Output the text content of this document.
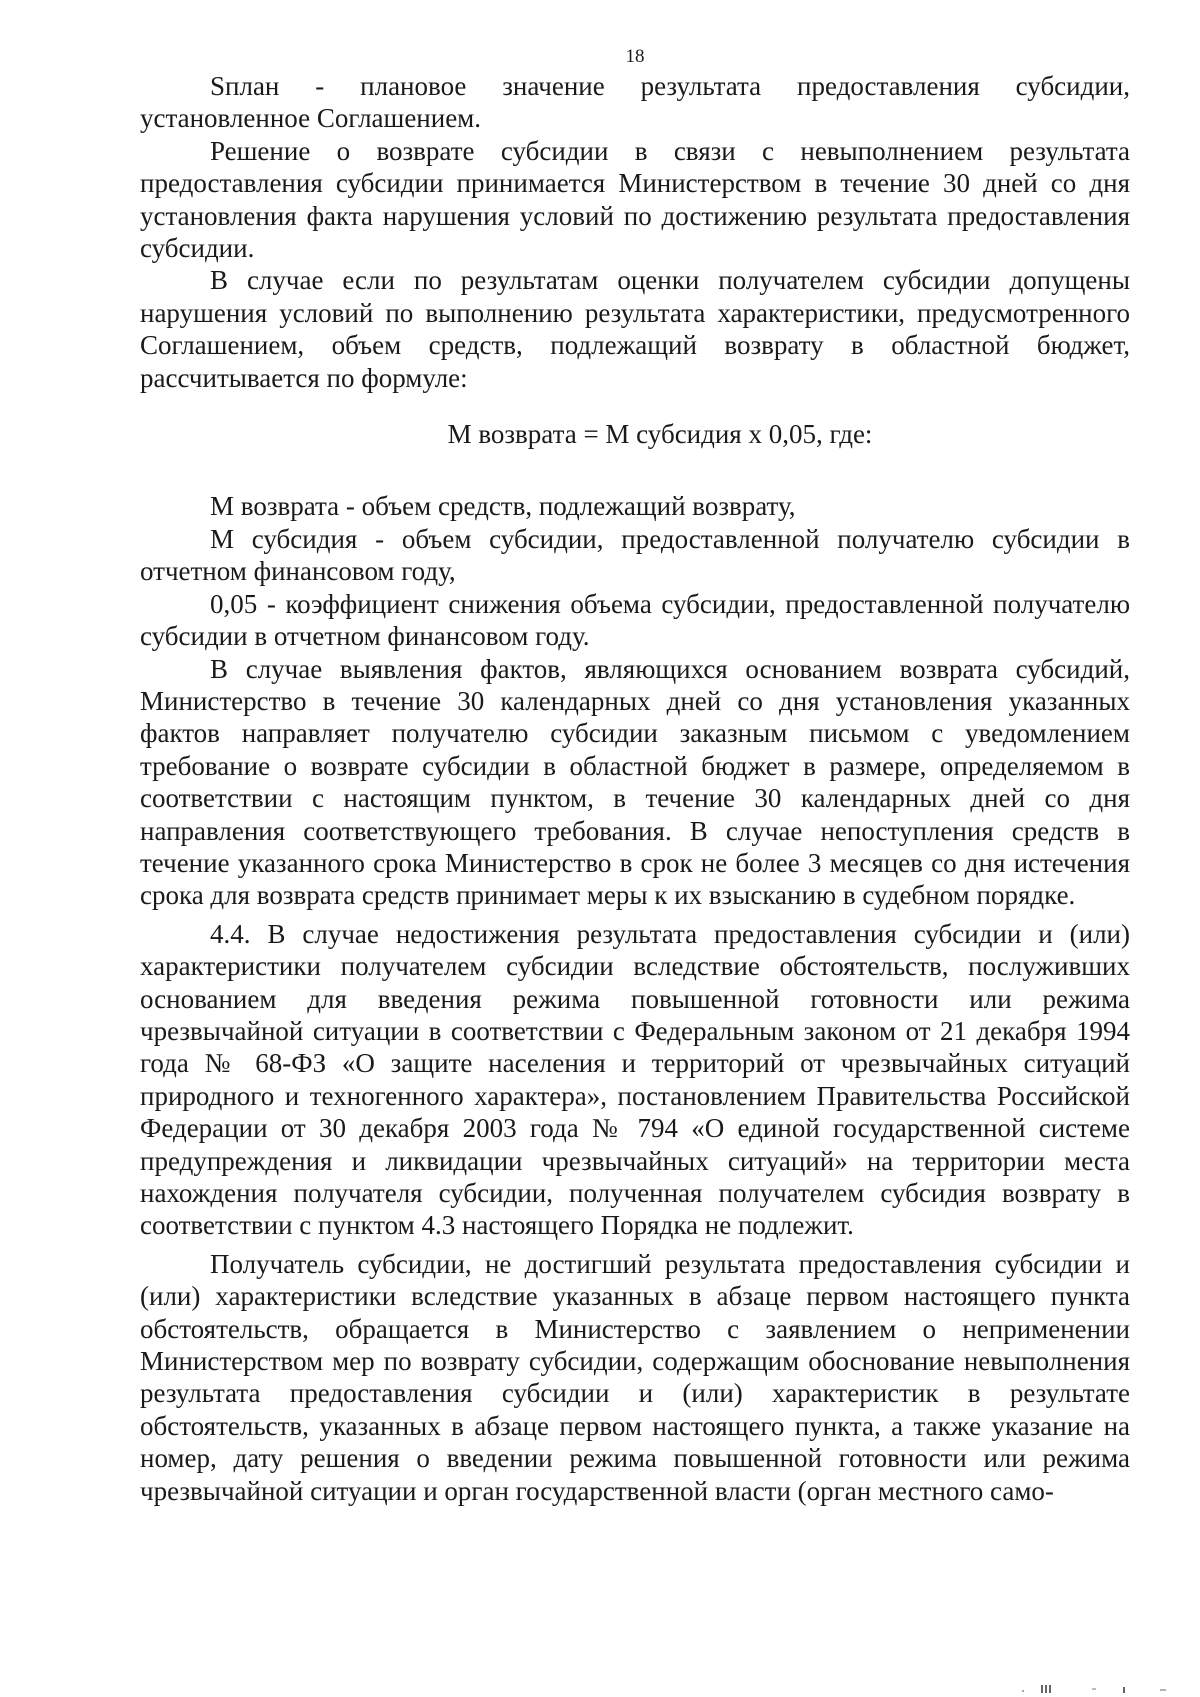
18

Sплан - плановое значение результата предоставления субсидии, установленное Соглашением.

Решение о возврате субсидии в связи с невыполнением результата предоставления субсидии принимается Министерством в течение 30 дней со дня установления факта нарушения условий по достижению результата предоставления субсидии.

В случае если по результатам оценки получателем субсидии допущены нарушения условий по выполнению результата характеристики, предусмотренного Соглашением, объем средств, подлежащий возврату в областной бюджет, рассчитывается по формуле:

М возврата = М субсидия х 0,05, где:

М возврата - объем средств, подлежащий возврату,

М субсидия - объем субсидии, предоставленной получателю субсидии в отчетном финансовом году,

0,05 - коэффициент снижения объема субсидии, предоставленной получателю субсидии в отчетном финансовом году.

В случае выявления фактов, являющихся основанием возврата субсидий, Министерство в течение 30 календарных дней со дня установления указанных фактов направляет получателю субсидии заказным письмом с уведомлением требование о возврате субсидии в областной бюджет в размере, определяемом в соответствии с настоящим пунктом, в течение 30 календарных дней со дня направления соответствующего требования. В случае непоступления средств в течение указанного срока Министерство в срок не более 3 месяцев со дня истечения срока для возврата средств принимает меры к их взысканию в судебном порядке.

4.4. В случае недостижения результата предоставления субсидии и (или) характеристики получателем субсидии вследствие обстоятельств, послуживших основанием для введения режима повышенной готовности или режима чрезвычайной ситуации в соответствии с Федеральным законом от 21 декабря 1994 года № 68-ФЗ «О защите населения и территорий от чрезвычайных ситуаций природного и техногенного характера», постановлением Правительства Российской Федерации от 30 декабря 2003 года № 794 «О единой государственной системе предупреждения и ликвидации чрезвычайных ситуаций» на территории места нахождения получателя субсидии, полученная получателем субсидия возврату в соответствии с пунктом 4.3 настоящего Порядка не подлежит.

Получатель субсидии, не достигший результата предоставления субсидии и (или) характеристики вследствие указанных в абзаце первом настоящего пункта обстоятельств, обращается в Министерство с заявлением о неприменении Министерством мер по возврату субсидии, содержащим обоснование невыполнения результата предоставления субсидии и (или) характеристик в результате обстоятельств, указанных в абзаце первом настоящего пункта, а также указание на номер, дату решения о введении режима повышенной готовности или режима чрезвычайной ситуации и орган государственной власти (орган местного само-
